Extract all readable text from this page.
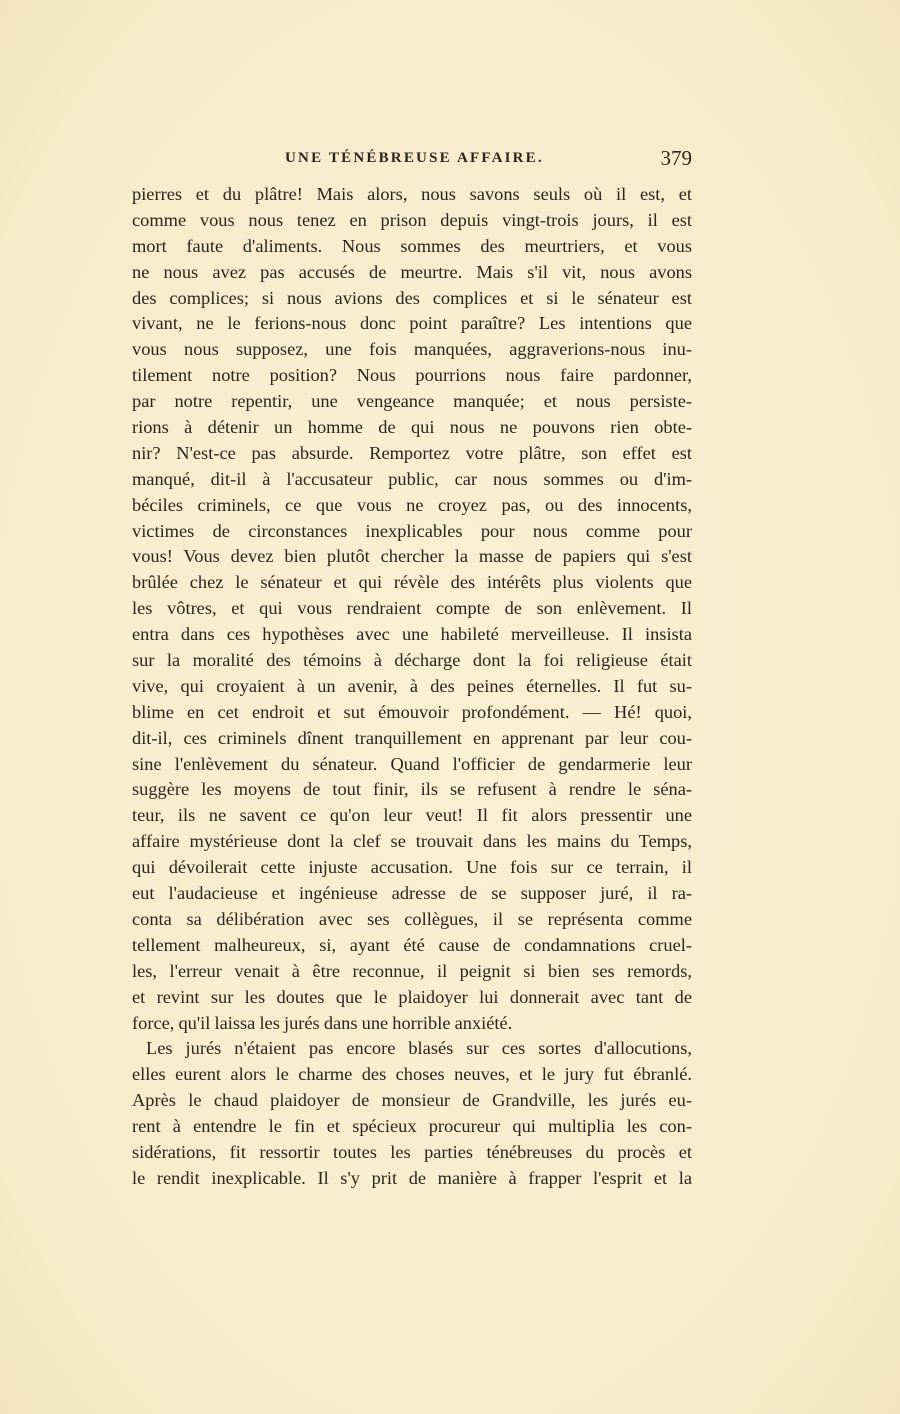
UNE TÉNÉBREUSE AFFAIRE.	379
pierres et du plâtre! Mais alors, nous savons seuls où il est, et
comme vous nous tenez en prison depuis vingt-trois jours, il est
mort faute d'aliments. Nous sommes des meurtriers, et vous
ne nous avez pas accusés de meurtre. Mais s'il vit, nous avons
des complices; si nous avions des complices et si le sénateur est
vivant, ne le ferions-nous donc point paraître? Les intentions que
vous nous supposez, une fois manquées, aggraverions-nous inu-
tilement notre position? Nous pourrions nous faire pardonner,
par notre repentir, une vengeance manquée; et nous persiste-
rions à détenir un homme de qui nous ne pouvons rien obte-
nir? N'est-ce pas absurde. Remportez votre plâtre, son effet est
manqué, dit-il à l'accusateur public, car nous sommes ou d'im-
béciles criminels, ce que vous ne croyez pas, ou des innocents,
victimes de circonstances inexplicables pour nous comme pour
vous! Vous devez bien plutôt chercher la masse de papiers qui s'est
brûlée chez le sénateur et qui révèle des intérêts plus violents que
les vôtres, et qui vous rendraient compte de son enlèvement. Il
entra dans ces hypothèses avec une habileté merveilleuse. Il insista
sur la moralité des témoins à décharge dont la foi religieuse était
vive, qui croyaient à un avenir, à des peines éternelles. Il fut su-
blime en cet endroit et sut émouvoir profondément. — Hé! quoi,
dit-il, ces criminels dînent tranquillement en apprenant par leur cou-
sine l'enlèvement du sénateur. Quand l'officier de gendarmerie leur
suggère les moyens de tout finir, ils se refusent à rendre le séna-
teur, ils ne savent ce qu'on leur veut! Il fit alors pressentir une
affaire mystérieuse dont la clef se trouvait dans les mains du Temps,
qui dévoilerait cette injuste accusation. Une fois sur ce terrain, il
eut l'audacieuse et ingénieuse adresse de se supposer juré, il ra-
conta sa délibération avec ses collègues, il se représenta comme
tellement malheureux, si, ayant été cause de condamnations cruel-
les, l'erreur venait à être reconnue, il peignit si bien ses remords,
et revint sur les doutes que le plaidoyer lui donnerait avec tant de
force, qu'il laissa les jurés dans une horrible anxiété.
Les jurés n'étaient pas encore blasés sur ces sortes d'allocutions,
elles eurent alors le charme des choses neuves, et le jury fut ébranlé.
Après le chaud plaidoyer de monsieur de Grandville, les jurés eu-
rent à entendre le fin et spécieux procureur qui multiplia les con-
sidérations, fit ressortir toutes les parties ténébreuses du procès et
le rendit inexplicable. Il s'y prit de manière à frapper l'esprit et la
